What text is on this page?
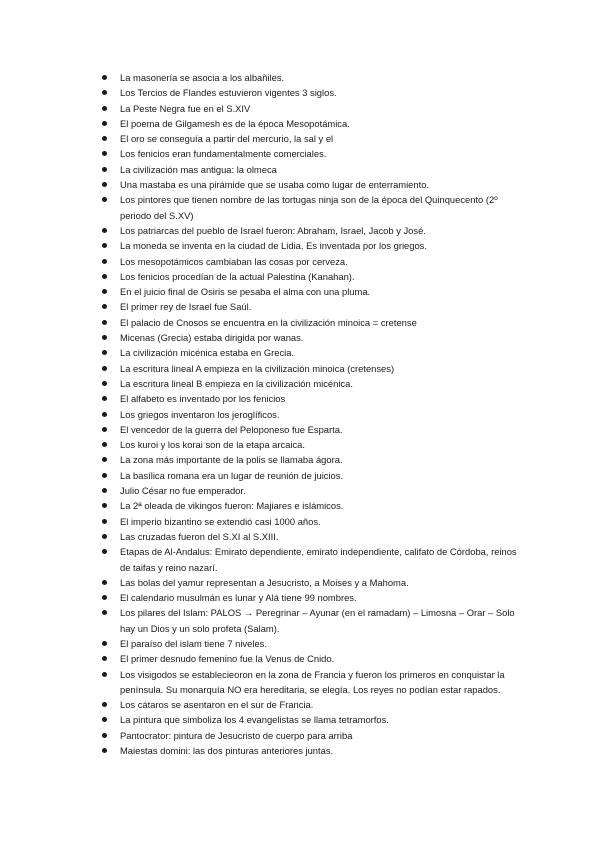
La masonería se asocia a los albañiles.
Los Tercios de Flandes estuvieron vigentes 3 siglos.
La Peste Negra fue en el S.XIV
El poema de Gilgamesh es de la época Mesopotámica.
El oro se conseguía a partir del mercurio, la sal y el
Los fenicios eran fundamentalmente comerciales.
La civilización mas antigua: la olmeca
Una mastaba es una pirámide que se usaba como lugar de enterramiento.
Los pintores que tienen nombre de las tortugas ninja son de la época del Quinquecento (2º periodo del S.XV)
Los patriarcas del pueblo de Israel fueron: Abraham, Israel, Jacob y José.
La moneda se inventa en la ciudad de Lidia. Es inventada por los griegos.
Los mesopotámicos cambiaban las cosas por cerveza.
Los fenicios procedían de la actual Palestina (Kanahan).
En el juicio final de Osiris se pesaba el alma con una pluma.
El primer rey de Israel fue Saúl.
El palacio de Cnosos se encuentra en la civilización minoica = cretense
Micenas (Grecia) estaba dirigida por wanas.
La civilización micénica estaba en Grecia.
La escritura lineal A empieza en la civilización minoica (cretenses)
La escritura lineal B empieza en la civilización micénica.
El alfabeto es inventado por los fenicios
Los griegos inventaron los jeroglíficos.
El vencedor de la guerra del Peloponeso fue Esparta.
Los kuroi y los korai son de la etapa arcaica.
La zona más importante de la polis se llamaba ágora.
La basílica romana era un lugar de reunión de juicios.
Julio César no fue emperador.
La 2ª oleada de vikingos fueron: Majiares e islámicos.
El imperio bizantino se extendió casi 1000 años.
Las cruzadas fueron del S.XI al S.XIII.
Etapas de Al-Andalus: Emirato dependiente, emirato independiente, califato de Córdoba, reinos de taifas y reino nazarí.
Las bolas del yamur representan a Jesucristo, a Moises y a Mahoma.
El calendario musulmán es lunar y Alá tiene 99 nombres.
Los pilares del Islam: PALOS → Peregrinar – Ayunar (en el ramadam) – Limosna – Orar – Solo hay un Dios y un solo profeta (Salam).
El paraíso del islam tiene 7 niveles.
El primer desnudo femenino fue la Venus de Cnido.
Los visigodos se establecieoron en la zona de Francia y fueron los primeros en conquistar la península. Su monarquía NO era hereditaria, se elegía. Los reyes no podían estar rapados.
Los cátaros se asentaron en el sur de Francia.
La pintura que simboliza los 4 evangelistas se llama tetramorfos.
Pantocrator: pintura de Jesucristo de cuerpo para arriba
Maiestas domini: las dos pinturas anteriores juntas.
